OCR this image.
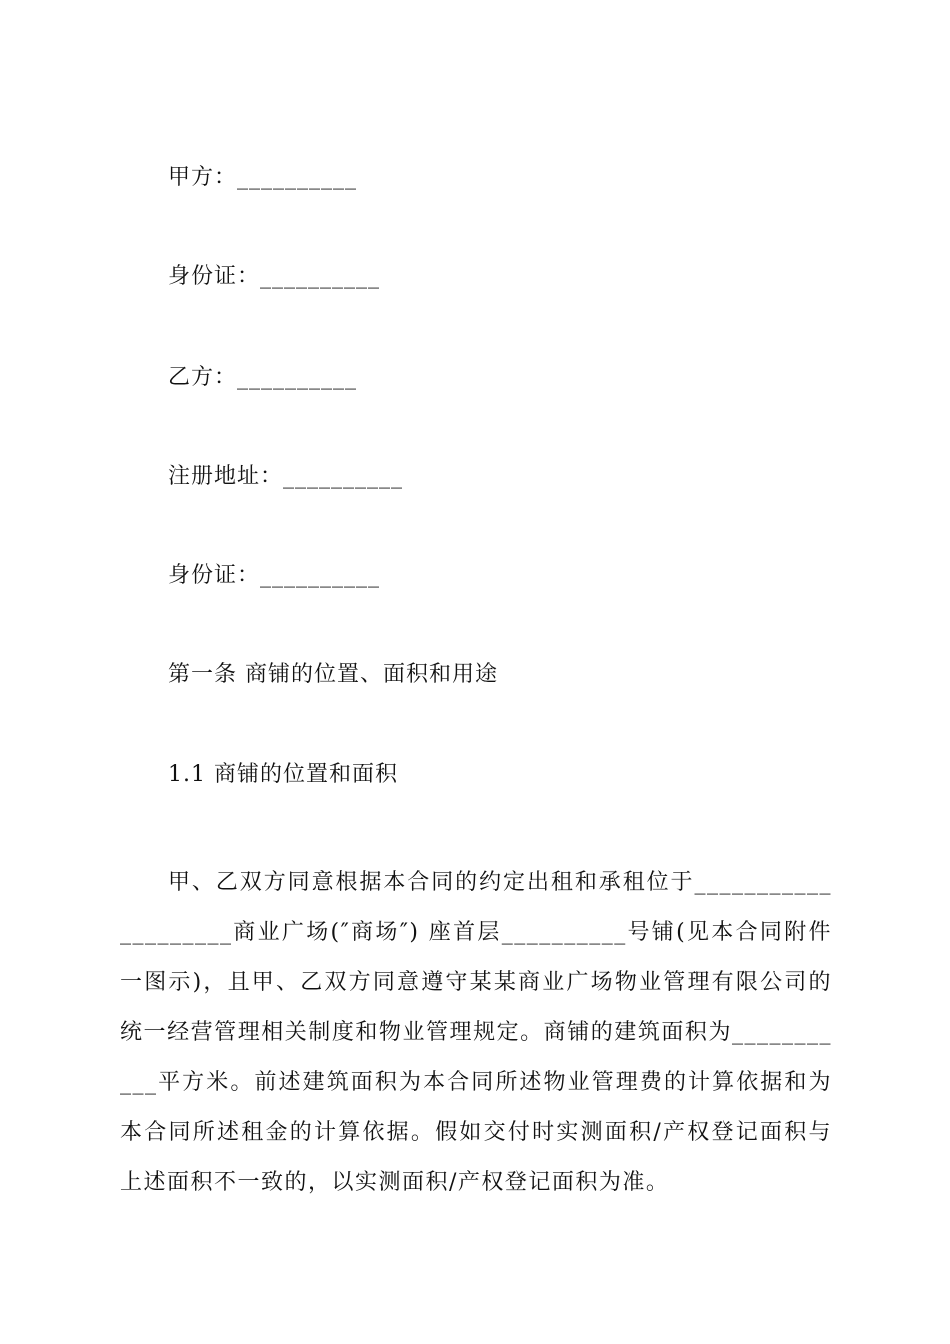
甲方：__________
身份证：__________
乙方：__________
注册地址：__________
身份证：__________
第一条 商铺的位置、面积和用途
1.1 商铺的位置和面积
甲、乙双方同意根据本合同的约定出租和承租位于____________________商业广场(″商场″) 座首层__________号铺(见本合同附件一图示)，且甲、乙双方同意遵守某某商业广场物业管理有限公司的统一经营管理相关制度和物业管理规定。商铺的建筑面积为___________平方米。前述建筑面积为本合同所述物业管理费的计算依据和为本合同所述租金的计算依据。假如交付时实测面积/产权登记面积与上述面积不一致的，以实测面积/产权登记面积为准。
